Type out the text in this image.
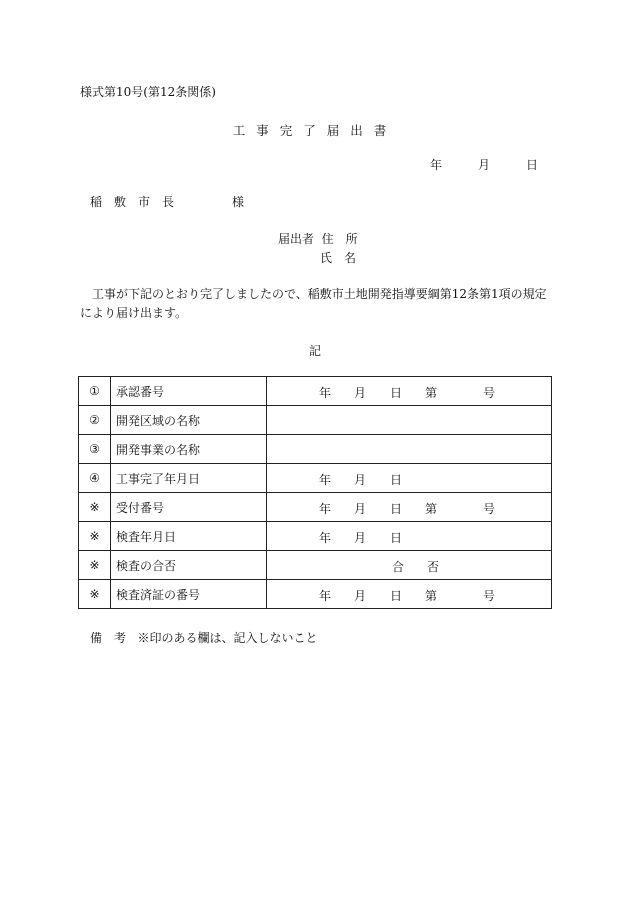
様式第10号(第12条関係)
工事完了届出書
年	月	日
稲　敷　市　長	様
届出者 住　所
氏　名
工事が下記のとおり完了しましたので、稲敷市土地開発指導要綱第12条第1項の規定により届け出ます。
記
①	承認番号	年 月 日 第 号

②	開発区域の名称	
③	開発事業の名称	
④	工事完了年月日	年 月 日

※	受付番号	年 月 日 第 号

※	検査年月日	年 月 日

※	検査の合否	合 否

※	検査済証の番号	年 月 日 第 号
備　考 ※印のある欄は、記入しないこと
